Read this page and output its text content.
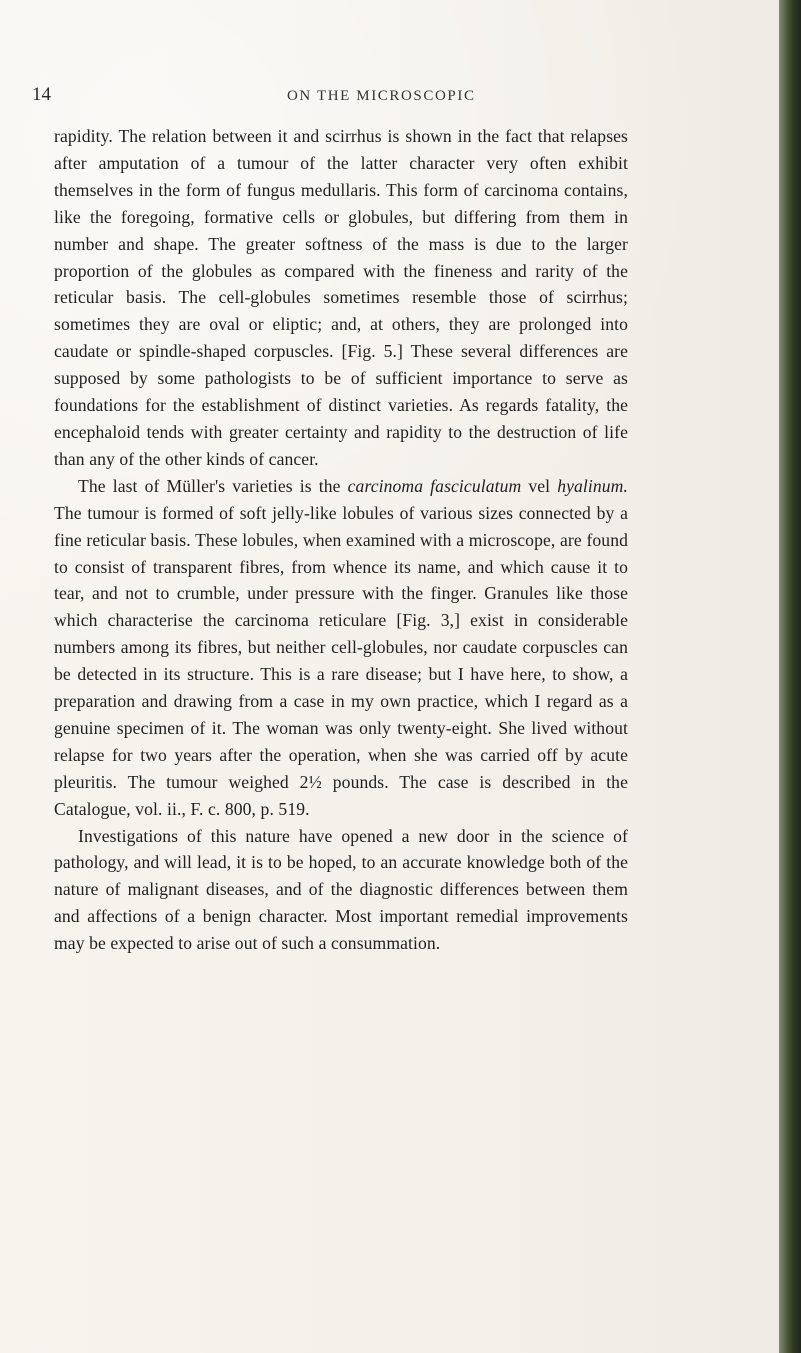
14	ON THE MICROSCOPIC

rapidity. The relation between it and scirrhus is shown in the fact that relapses after amputation of a tumour of the latter character very often exhibit themselves in the form of fungus medullaris. This form of carcinoma contains, like the foregoing, formative cells or globules, but differing from them in number and shape. The greater softness of the mass is due to the larger proportion of the globules as compared with the fineness and rarity of the reticular basis. The cell-globules sometimes resemble those of scirrhus; sometimes they are oval or eliptic; and, at others, they are prolonged into caudate or spindle-shaped corpuscles. [Fig. 5.] These several differences are supposed by some pathologists to be of sufficient importance to serve as foundations for the establishment of distinct varieties. As regards fatality, the encephaloid tends with greater certainty and rapidity to the destruction of life than any of the other kinds of cancer.

The last of Müller's varieties is the carcinoma fasciculatum vel hyalinum. The tumour is formed of soft jelly-like lobules of various sizes connected by a fine reticular basis. These lobules, when examined with a microscope, are found to consist of transparent fibres, from whence its name, and which cause it to tear, and not to crumble, under pressure with the finger. Granules like those which characterise the carcinoma reticulare [Fig. 3,] exist in considerable numbers among its fibres, but neither cell-globules, nor caudate corpuscles can be detected in its structure. This is a rare disease; but I have here, to show, a preparation and drawing from a case in my own practice, which I regard as a genuine specimen of it. The woman was only twenty-eight. She lived without relapse for two years after the operation, when she was carried off by acute pleuritis. The tumour weighed 2½ pounds. The case is described in the Catalogue, vol. ii., F. c. 800, p. 519.

Investigations of this nature have opened a new door in the science of pathology, and will lead, it is to be hoped, to an accurate knowledge both of the nature of malignant diseases, and of the diagnostic differences between them and affections of a benign character. Most important remedial improvements may be expected to arise out of such a consummation.
